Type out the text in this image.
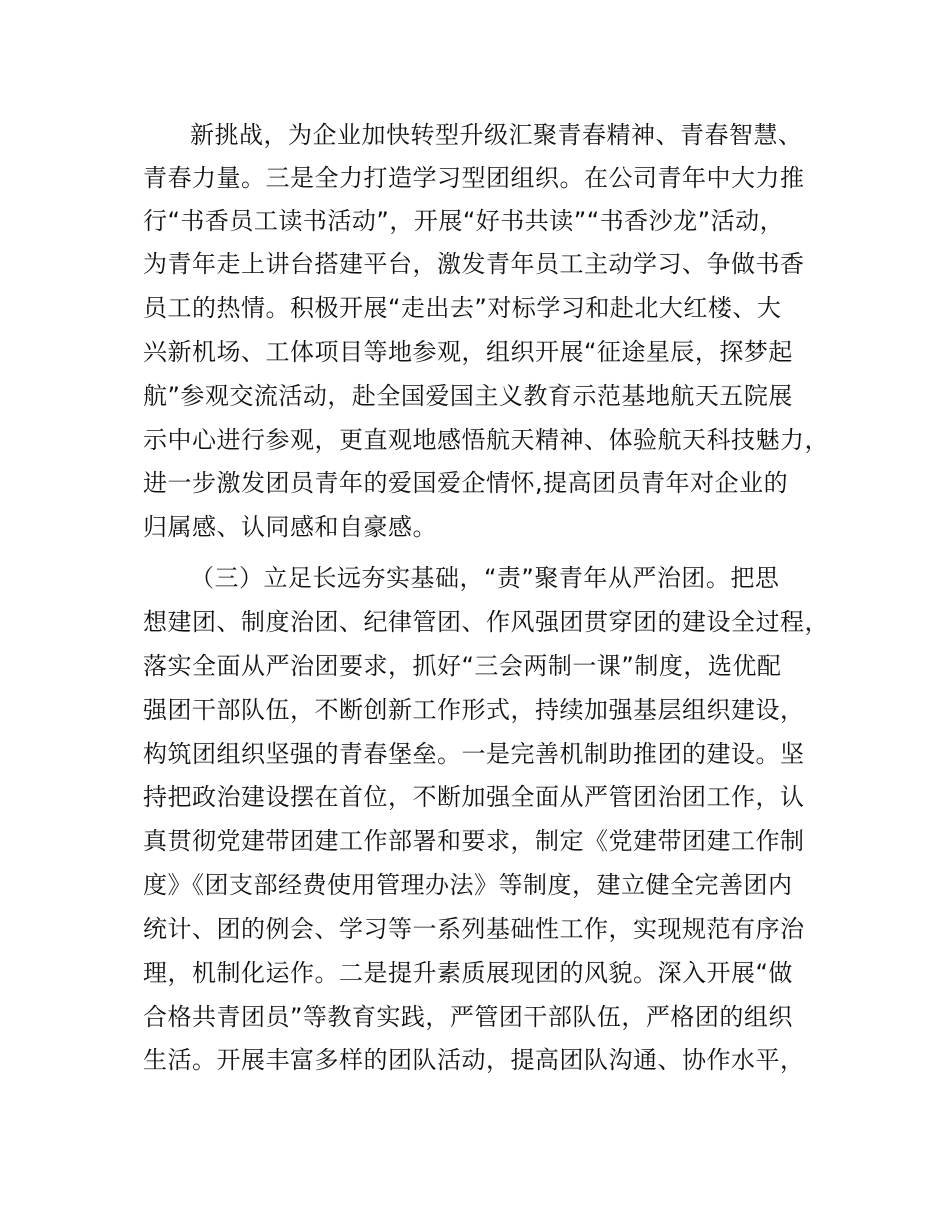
新挑战，为企业加快转型升级汇聚青春精神、青春智慧、
青春力量。三是全力打造学习型团组织。在公司青年中大力推
行“书香员工读书活动”，开展“好书共读”“书香沙龙”活动，
为青年走上讲台搭建平台，激发青年员工主动学习、争做书香
员工的热情。积极开展“走出去”对标学习和赴北大红楼、大
兴新机场、工体项目等地参观，组织开展“征途星辰，探梦起
航”参观交流活动，赴全国爱国主义教育示范基地航天五院展
示中心进行参观，更直观地感悟航天精神、体验航天科技魅力，
进一步激发团员青年的爱国爱企情怀,提高团员青年对企业的
归属感、认同感和自豪感。
（三）立足长远夯实基础，“责”聚青年从严治团。把思
想建团、制度治团、纪律管团、作风强团贯穿团的建设全过程，
落实全面从严治团要求，抓好“三会两制一课”制度，选优配
强团干部队伍，不断创新工作形式，持续加强基层组织建设，
构筑团组织坚强的青春堡垒。一是完善机制助推团的建设。坚
持把政治建设摆在首位，不断加强全面从严管团治团工作，认
真贯彻党建带团建工作部署和要求，制定《党建带团建工作制
度》《团支部经费使用管理办法》等制度，建立健全完善团内
统计、团的例会、学习等一系列基础性工作，实现规范有序治
理，机制化运作。二是提升素质展现团的风貌。深入开展“做
合格共青团员”等教育实践，严管团干部队伍，严格团的组织
生活。开展丰富多样的团队活动，提高团队沟通、协作水平，
